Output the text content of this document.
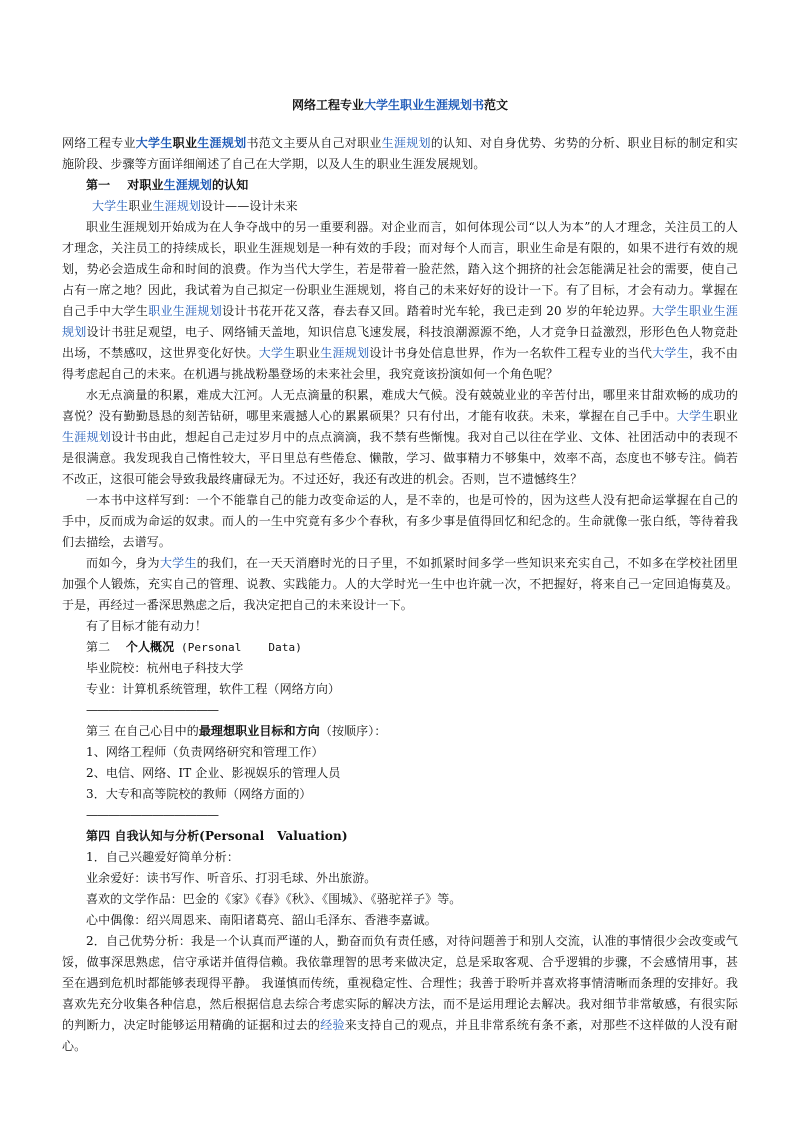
网络工程专业大学生职业生涯规划书范文

网络工程专业大学生职业生涯规划书范文主要从自己对职业生涯规划的认知、对自身优势、劣势的分析、职业目标的制定和实施阶段、步骤等方面详细阐述了自己在大学期，以及人生的职业生涯发展规划。

第一    对职业生涯规划的认知

大学生职业生涯规划设计——设计未来

职业生涯规划开始成为在人争夺战中的另一重要利器。对企业而言，如何体现公司“以人为本”的人才理念，关注员工的人才理念，关注员工的持续成长，职业生涯规划是一种有效的手段；而对每个人而言，职业生命是有限的，如果不进行有效的规划，势必会造成生命和时间的浪费。作为当代大学生，若是带着一脸茫然，踏入这个拥挤的社会怎能满足社会的需要，使自己占有一席之地？因此，我试着为自己拟定一份职业生涯规划，将自己的未来好好的设计一下。有了目标，才会有动力。掌握在自己手中大学生职业生涯规划设计书花开花又落，春去春又回。踏着时光车轮，我已走到 20 岁的年轮边界。大学生职业生涯规划设计书驻足观望，电子、网络铺天盖地，知识信息飞速发展，科技浪潮源源不绝，人才竞争日益激烈，形形色色人物竞赴出场，不禁感叹，这世界变化好快。大学生职业生涯规划设计书身处信息世界，作为一名软件工程专业的当代大学生，我不由得考虑起自己的未来。在机遇与挑战粉墨登场的未来社会里，我究竟该扮演如何一个角色呢？

水无点滴量的积累，难成大江河。人无点滴量的积累，难成大气候。没有兢兢业业的辛苦付出，哪里来甘甜欢畅的成功的喜悦？没有勤勤恳恳的刻苦钻研，哪里来震撼人心的累累硕果？只有付出，才能有收获。未来，掌握在自己手中。大学生职业生涯规划设计书由此，想起自己走过岁月中的点点滴滴，我不禁有些惭愧。我对自己以往在学业、文体、社团活动中的表现不是很满意。我发现我自己惰性较大，平日里总有些倦怠、懒散，学习、做事精力不够集中，效率不高，态度也不够专注。倘若不改正，这很可能会导致我最终庸碌无为。不过还好，我还有改进的机会。否则，岂不遗憾终生？

一本书中这样写到：一个不能靠自己的能力改变命运的人，是不幸的，也是可怜的，因为这些人没有把命运掌握在自己的手中，反而成为命运的奴隶。而人的一生中究竟有多少个春秋，有多少事是值得回忆和纪念的。生命就像一张白纸，等待着我们去描绘，去谱写。

而如今，身为大学生的我们，在一天天消磨时光的日子里，不如抓紧时间多学一些知识来充实自己，不如多在学校社团里加强个人锻炼，充实自己的管理、说教、实践能力。人的大学时光一生中也许就一次，不把握好，将来自己一定回追悔莫及。于是，再经过一番深思熟虑之后，我决定把自己的未来设计一下。

有了目标才能有动力！

第二    个人概况 (Personal    Data)

毕业院校：杭州电子科技大学

专业：计算机系统管理，软件工程（网络方向）

————————————

第三 在自己心目中的最理想职业目标和方向（按顺序）：

1、网络工程师（负责网络研究和管理工作）

2、电信、网络、IT 企业、影视娱乐的管理人员

3．大专和高等院校的教师（网络方面的）

————————————

第四 自我认知与分析(Personal   Valuation)

1．自己兴趣爱好简单分析：

业余爱好：读书写作、听音乐、打羽毛球、外出旅游。

喜欢的文学作品：巴金的《家》《春》《秋》、《围城》、《骆驼祥子》等。

心中偶像：绍兴周恩来、南阳诸葛亮、韶山毛泽东、香港李嘉诚。

2．自己优势分析：我是一个认真而严谨的人，勤奋而负有责任感，对待问题善于和别人交流，认准的事情很少会改变或气馁，做事深思熟虑，信守承诺并值得信赖。我依靠理智的思考来做决定，总是采取客观、合乎逻辑的步骤，不会感情用事，甚至在遇到危机时都能够表现得平静。 我谨慎而传统，重视稳定性、合理性；我善于聆听并喜欢将事情清晰而条理的安排好。我喜欢先充分收集各种信息，然后根据信息去综合考虑实际的解决方法，而不是运用理论去解决。我对细节非常敏感，有很实际的判断力，决定时能够运用精确的证据和过去的经验来支持自己的观点，并且非常系统有条不紊，对那些不这样做的人没有耐心。
